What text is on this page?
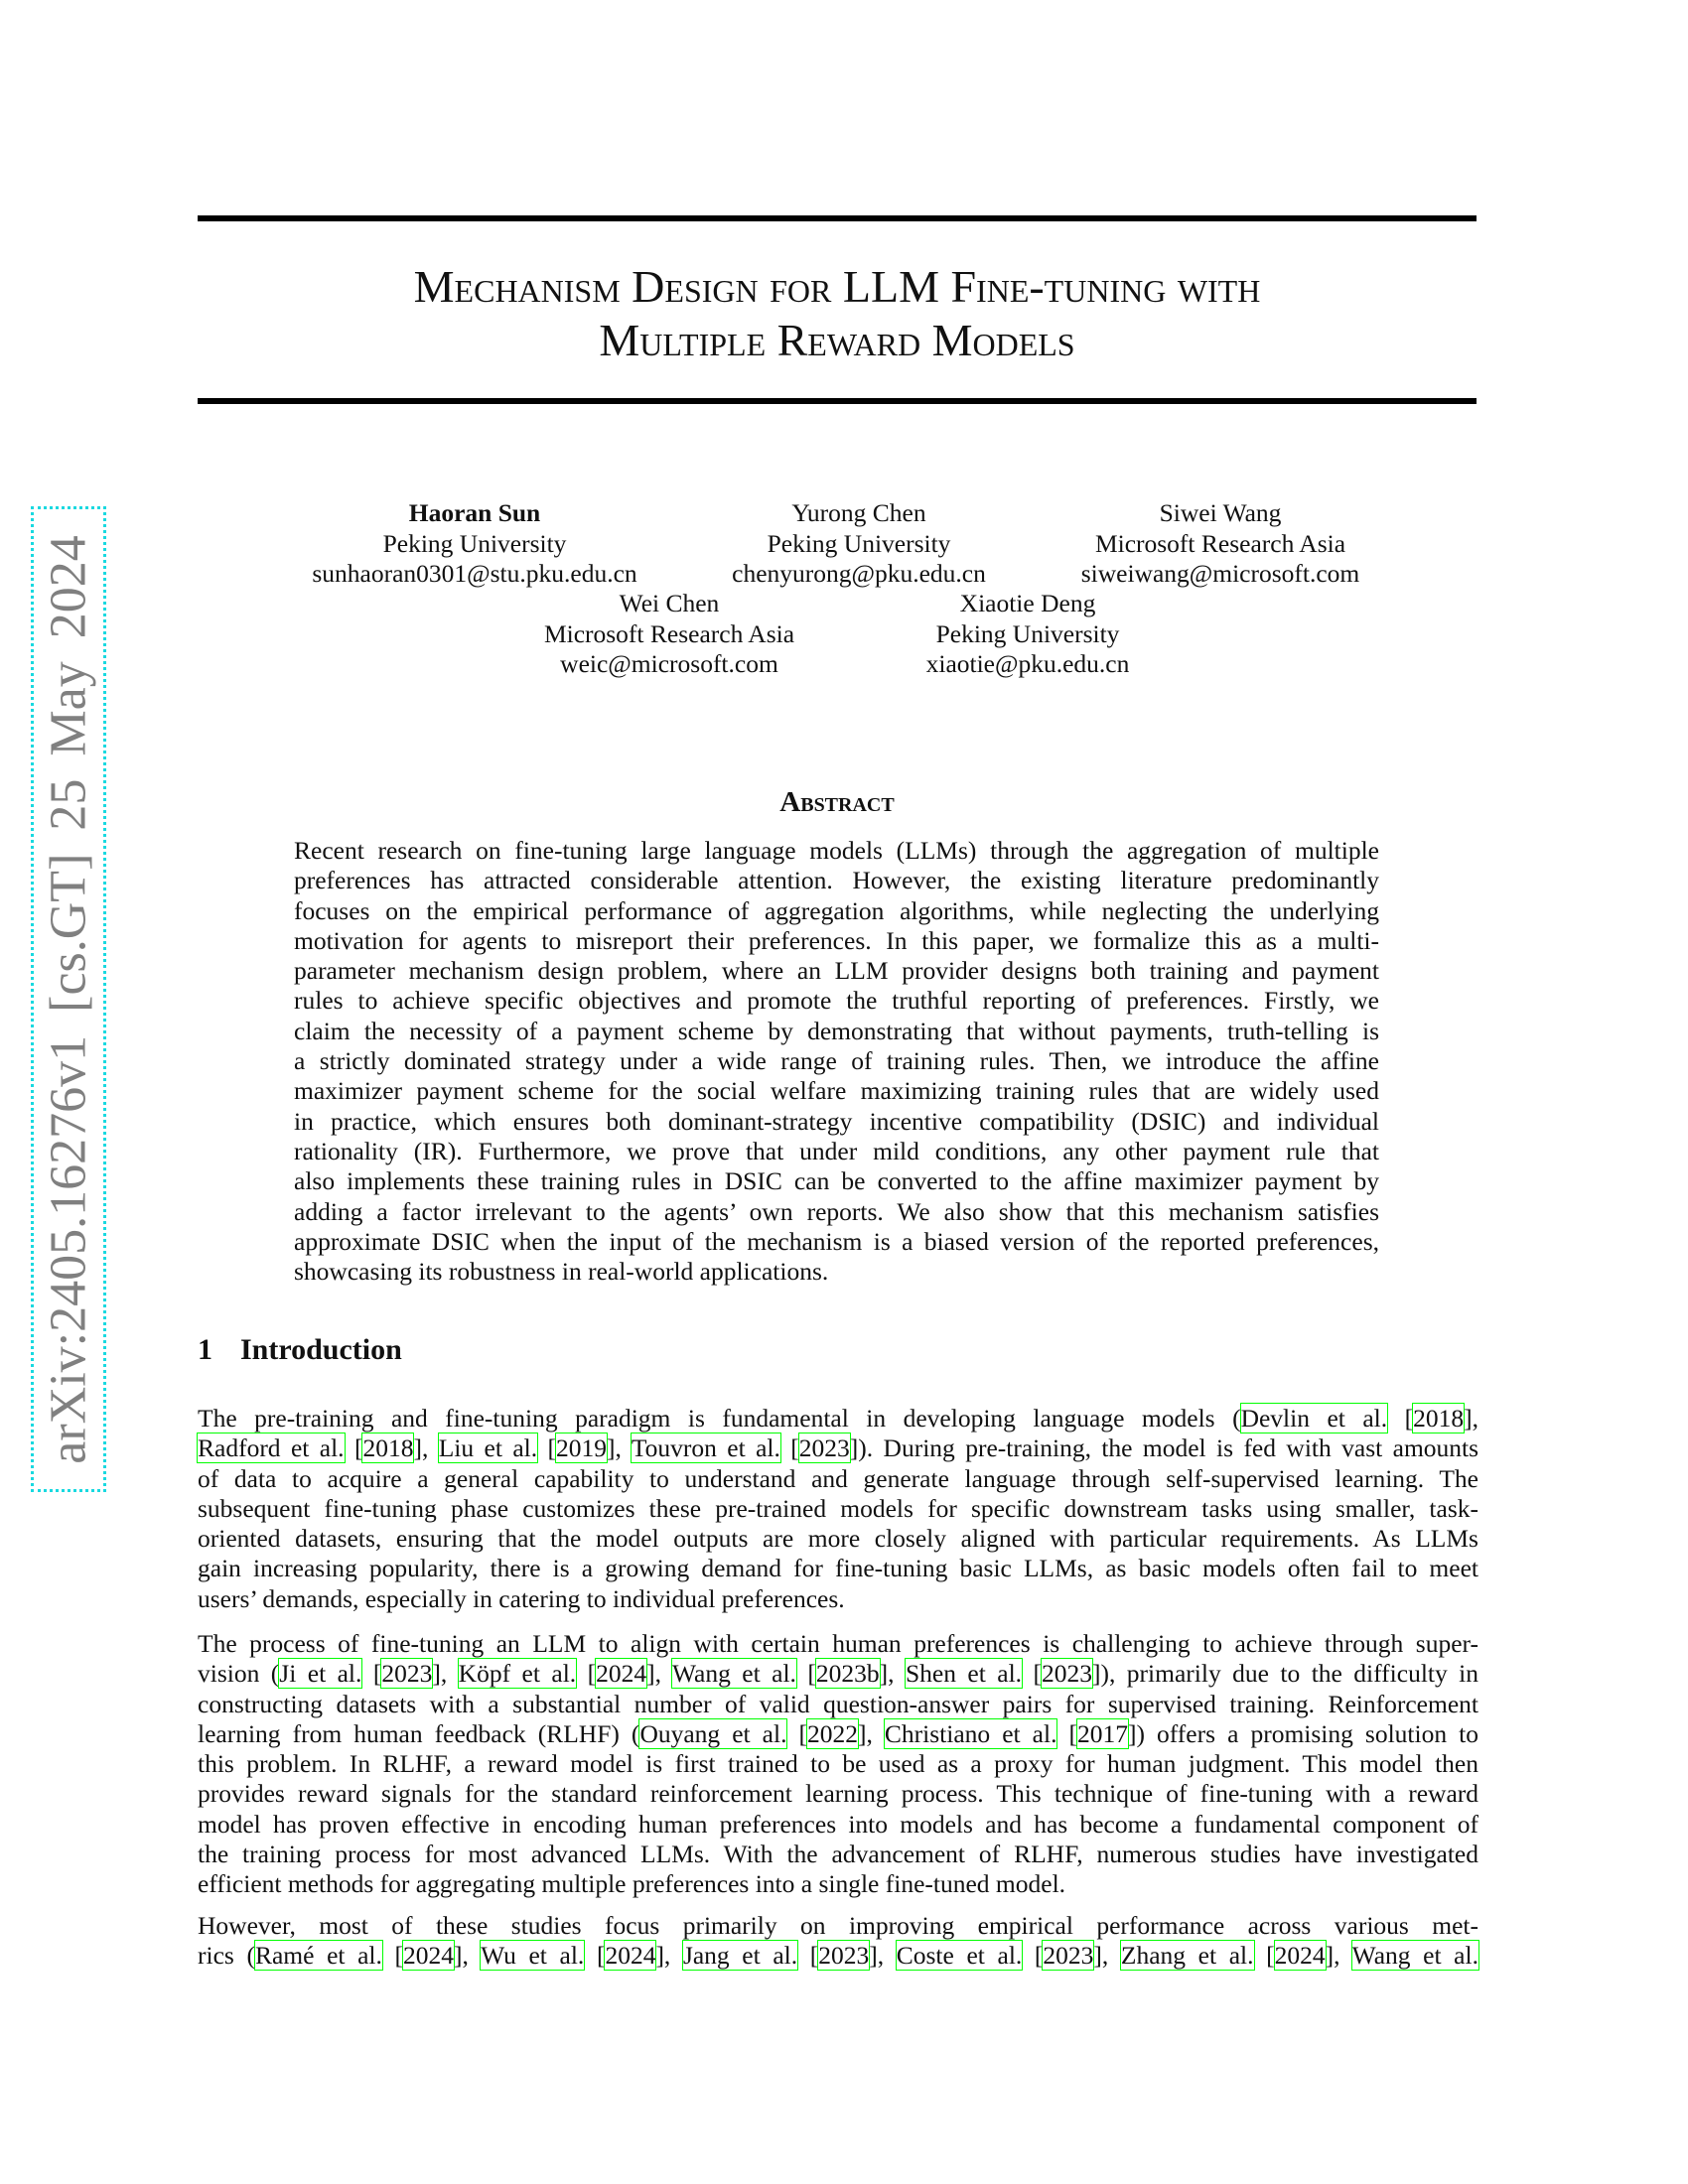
arXiv:2405.16276v1 [cs.GT] 25 May 2024
Mechanism Design for LLM Fine-tuning with
Multiple Reward Models
Haoran Sun
Peking University
sunhaoran0301@stu.pku.edu.cn
Yurong Chen
Peking University
chenyurong@pku.edu.cn
Siwei Wang
Microsoft Research Asia
siweiwang@microsoft.com
Wei Chen
Microsoft Research Asia
weic@microsoft.com
Xiaotie Deng
Peking University
xiaotie@pku.edu.cn
Abstract
Recent research on fine-tuning large language models (LLMs) through the aggregation of multiple
preferences has attracted considerable attention. However, the existing literature predominantly
focuses on the empirical performance of aggregation algorithms, while neglecting the underlying
motivation for agents to misreport their preferences. In this paper, we formalize this as a multi-
parameter mechanism design problem, where an LLM provider designs both training and payment
rules to achieve specific objectives and promote the truthful reporting of preferences. Firstly, we
claim the necessity of a payment scheme by demonstrating that without payments, truth-telling is
a strictly dominated strategy under a wide range of training rules. Then, we introduce the affine
maximizer payment scheme for the social welfare maximizing training rules that are widely used
in practice, which ensures both dominant-strategy incentive compatibility (DSIC) and individual
rationality (IR). Furthermore, we prove that under mild conditions, any other payment rule that
also implements these training rules in DSIC can be converted to the affine maximizer payment by
adding a factor irrelevant to the agents’ own reports. We also show that this mechanism satisfies
approximate DSIC when the input of the mechanism is a biased version of the reported preferences,
showcasing its robustness in real-world applications.
1 Introduction
The pre-training and fine-tuning paradigm is fundamental in developing language models (Devlin et al. [2018],
Radford et al. [2018], Liu et al. [2019], Touvron et al. [2023]). During pre-training, the model is fed with vast amounts
of data to acquire a general capability to understand and generate language through self-supervised learning. The
subsequent fine-tuning phase customizes these pre-trained models for specific downstream tasks using smaller, task-
oriented datasets, ensuring that the model outputs are more closely aligned with particular requirements. As LLMs
gain increasing popularity, there is a growing demand for fine-tuning basic LLMs, as basic models often fail to meet
users’ demands, especially in catering to individual preferences.
The process of fine-tuning an LLM to align with certain human preferences is challenging to achieve through super-
vision (Ji et al. [2023], Köpf et al. [2024], Wang et al. [2023b], Shen et al. [2023]), primarily due to the difficulty in
constructing datasets with a substantial number of valid question-answer pairs for supervised training. Reinforcement
learning from human feedback (RLHF) (Ouyang et al. [2022], Christiano et al. [2017]) offers a promising solution to
this problem. In RLHF, a reward model is first trained to be used as a proxy for human judgment. This model then
provides reward signals for the standard reinforcement learning process. This technique of fine-tuning with a reward
model has proven effective in encoding human preferences into models and has become a fundamental component of
the training process for most advanced LLMs. With the advancement of RLHF, numerous studies have investigated
efficient methods for aggregating multiple preferences into a single fine-tuned model.
However, most of these studies focus primarily on improving empirical performance across various met-
rics (Ramé et al. [2024], Wu et al. [2024], Jang et al. [2023], Coste et al. [2023], Zhang et al. [2024], Wang et al.
